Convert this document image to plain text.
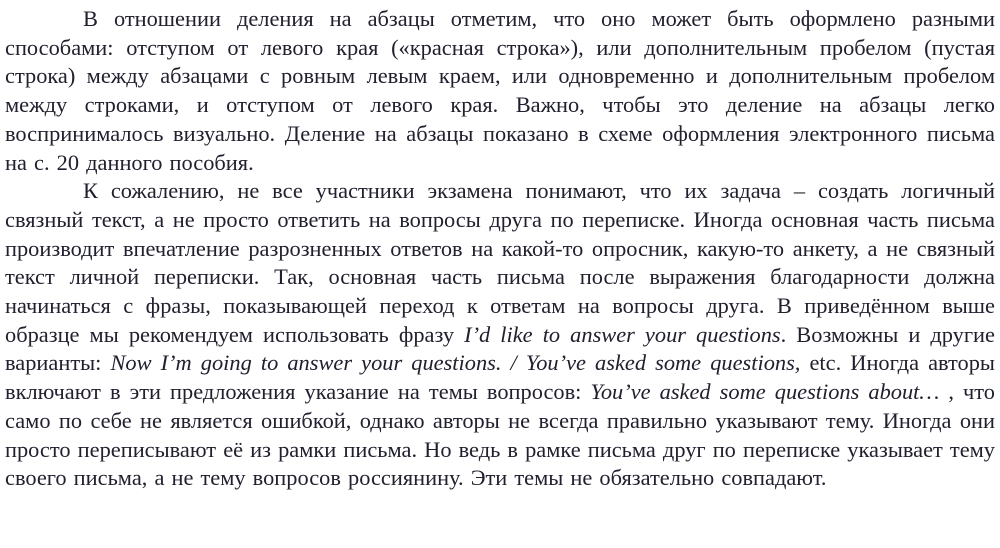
В отношении деления на абзацы отметим, что оно может быть оформлено разными способами: отступом от левого края («красная строка»), или дополнительным пробелом (пустая строка) между абзацами с ровным левым краем, или одновременно и дополнительным пробелом между строками, и отступом от левого края. Важно, чтобы это деление на абзацы легко воспринималось визуально. Деление на абзацы показано в схеме оформления электронного письма на с. 20 данного пособия.

К сожалению, не все участники экзамена понимают, что их задача – создать логичный связный текст, а не просто ответить на вопросы друга по переписке. Иногда основная часть письма производит впечатление разрозненных ответов на какой-то опросник, какую-то анкету, а не связный текст личной переписки. Так, основная часть письма после выражения благодарности должна начинаться с фразы, показывающей переход к ответам на вопросы друга. В приведённом выше образце мы рекомендуем использовать фразу I’d like to answer your questions. Возможны и другие варианты: Now I’m going to answer your questions. / You’ve asked some questions, etc. Иногда авторы включают в эти предложения указание на темы вопросов: You’ve asked some questions about… , что само по себе не является ошибкой, однако авторы не всегда правильно указывают тему. Иногда они просто переписывают её из рамки письма. Но ведь в рамке письма друг по переписке указывает тему своего письма, а не тему вопросов россиянину. Эти темы не обязательно совпадают.
